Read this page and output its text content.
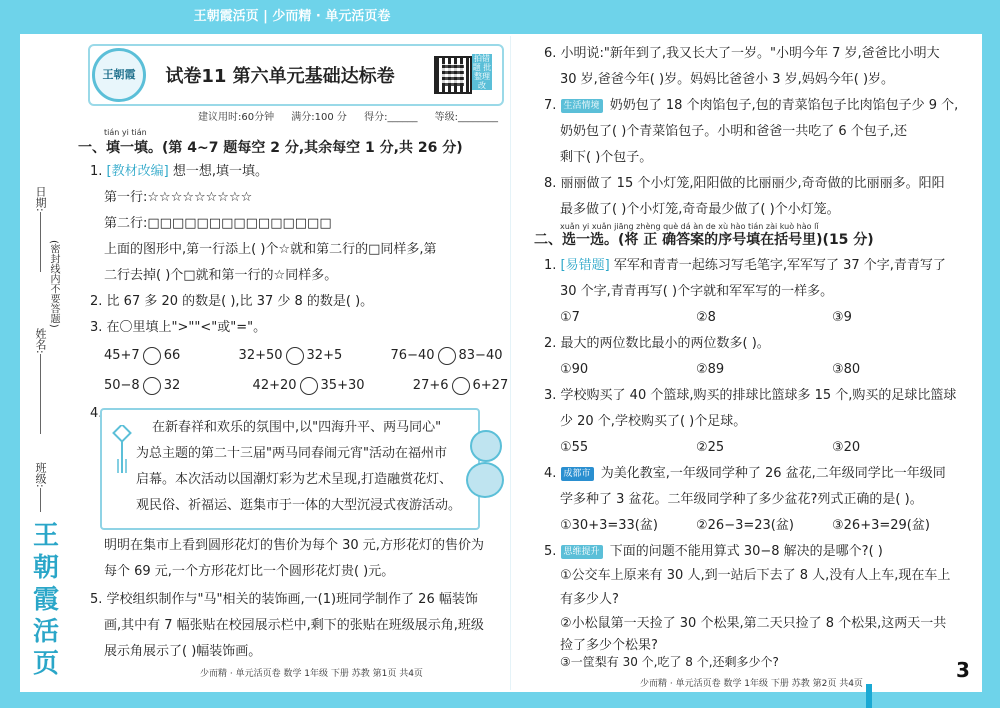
王朝霞活页 | 少而精 · 单元活页卷
王朝霞	试卷11 第六单元基础达标卷
拍错题 批整理 改
建议用时:60分钟 满分:100 分 得分:______ 等级:________
日期:
(密封线内不要答题)
姓名:
班级:
王朝霞活页
tián yi tián
一、填一填。(第 4~7 题每空 2 分,其余每空 1 分,共 26 分)
1. [教材改编] 想一想,填一填。
第一行:☆☆☆☆☆☆☆☆☆
第二行:□□□□□□□□□□□□□□□
上面的图形中,第一行添上( )个☆就和第二行的□同样多,第
二行去掉( )个□就和第一行的☆同样多。
2. 比 67 多 20 的数是( ),比 37 少 8 的数是( )。
3. 在〇里填上">""<"或"="。
45+7 66	32+50 32+5	76−40 83−40
50−8 32	42+20 35+30	27+6 6+27
4.
在新春祥和欢乐的氛围中,以"四海升平、两马同心"
为总主题的第二十三届"两马同春闹元宵"活动在福州市
启幕。本次活动以国潮灯彩为艺术呈现,打造融赏花灯、
观民俗、祈福运、逛集市于一体的大型沉浸式夜游活动。
明明在集市上看到圆形花灯的售价为每个 30 元,方形花灯的售价为
每个 69 元,一个方形花灯比一个圆形花灯贵( )元。
5. 学校组织制作与"马"相关的装饰画,一(1)班同学制作了 26 幅装饰
画,其中有 7 幅张贴在校园展示栏中,剩下的张贴在班级展示角,班级
展示角展示了( )幅装饰画。
少而精 · 单元活页卷 数学 1年级 下册 苏教 第1页 共4页
6. 小明说:"新年到了,我又长大了一岁。"小明今年 7 岁,爸爸比小明大
30 岁,爸爸今年( )岁。妈妈比爸爸小 3 岁,妈妈今年( )岁。
7. 生活情境 奶奶包了 18 个肉馅包子,包的青菜馅包子比肉馅包子少 9 个,
奶奶包了( )个青菜馅包子。小明和爸爸一共吃了 6 个包子,还
剩下( )个包子。
8. 丽丽做了 15 个小灯笼,阳阳做的比丽丽少,奇奇做的比丽丽多。阳阳
最多做了( )个小灯笼,奇奇最少做了( )个小灯笼。
xuǎn yi xuǎn jiāng zhèng què dá àn de xù hào tián zài kuò hào lǐ
二、选一选。(将 正 确答案的序号填在括号里)(15 分)
1. [易错题] 军军和青青一起练习写毛笔字,军军写了 37 个字,青青写了
30 个字,青青再写( )个字就和军军写的一样多。
①7	②8	③9
2. 最大的两位数比最小的两位数多( )。
①90	②89	③80
3. 学校购买了 40 个篮球,购买的排球比篮球多 15 个,购买的足球比篮球
少 20 个,学校购买了( )个足球。
①55	②25	③20
4. 成都市 为美化教室,一年级同学种了 26 盆花,二年级同学比一年级同
学多种了 3 盆花。二年级同学种了多少盆花?列式正确的是( )。
①30+3=33(盆)	②26−3=23(盆)	③26+3=29(盆)
5. 思维提升 下面的问题不能用算式 30−8 解决的是哪个?( )
①公交车上原来有 30 人,到一站后下去了 8 人,没有人上车,现在车上
有多少人?
②小松鼠第一天捡了 30 个松果,第二天只捡了 8 个松果,这两天一共
捡了多少个松果?
③一筐梨有 30 个,吃了 8 个,还剩多少个?
少而精 · 单元活页卷 数学 1年级 下册 苏教 第2页 共4页
3
